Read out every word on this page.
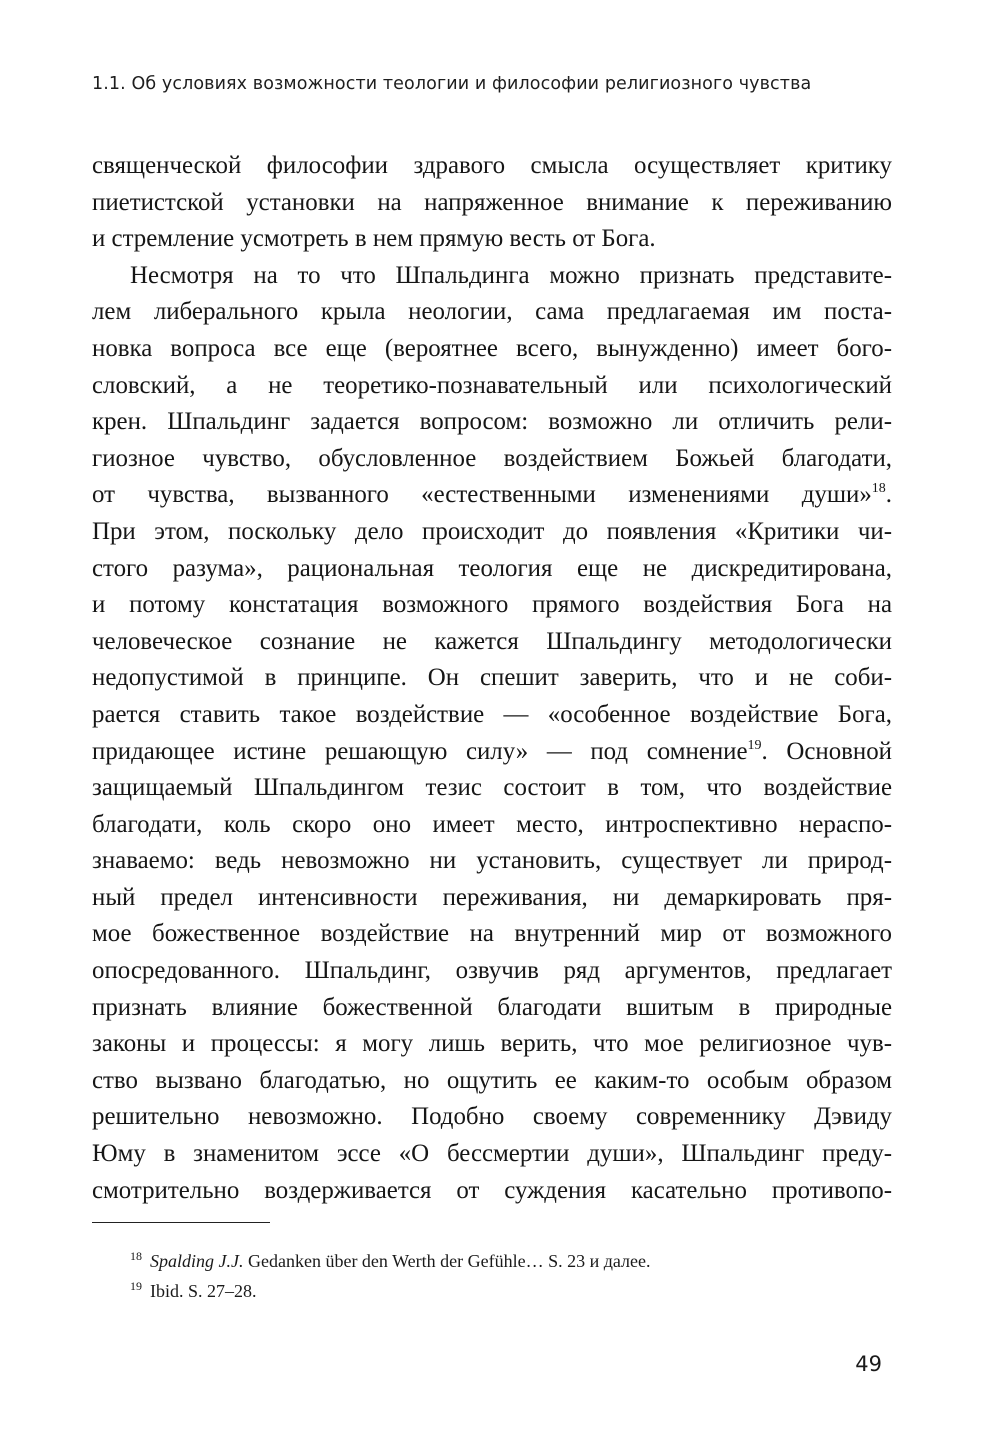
1.1. Об условиях возможности теологии и философии религиозного чувства
священческой философии здравого смысла осуществляет критику
пиетистской установки на напряженное внимание к переживанию
и стремление усмотреть в нем прямую весть от Бога.
Несмотря на то что Шпальдинга можно признать представите-
лем либерального крыла неологии, сама предлагаемая им поста-
новка вопроса все еще (вероятнее всего, вынужденно) имеет бого-
словский, а не теоретико-познавательный или психологический
крен. Шпальдинг задается вопросом: возможно ли отличить рели-
гиозное чувство, обусловленное воздействием Божьей благодати,
от чувства, вызванного «естественными изменениями души»$^{18}$.
При этом, поскольку дело происходит до появления «Критики чи-
стого разума», рациональная теология еще не дискредитирована,
и потому констатация возможного прямого воздействия Бога на
человеческое сознание не кажется Шпальдингу методологически
недопустимой в принципе. Он спешит заверить, что и не соби-
рается ставить такое воздействие — «особенное воздействие Бога,
придающее истине решающую силу» — под сомнение$^{19}$. Основной
защищаемый Шпальдингом тезис состоит в том, что воздействие
благодати, коль скоро оно имеет место, интроспективно нераспо-
знаваемо: ведь невозможно ни установить, существует ли природ-
ный предел интенсивности переживания, ни демаркировать пря-
мое божественное воздействие на внутренний мир от возможного
опосредованного. Шпальдинг, озвучив ряд аргументов, предлагает
признать влияние божественной благодати вшитым в природные
законы и процессы: я могу лишь верить, что мое религиозное чув-
ство вызвано благодатью, но ощутить ее каким-то особым образом
решительно невозможно. Подобно своему современнику Дэвиду
Юму в знаменитом эссе «О бессмертии души», Шпальдинг преду-
смотрительно воздерживается от суждения касательно противопо-
$^{18}$ Spalding J.J. Gedanken über den Werth der Gefühle… S. 23 и далее.
$^{19}$ Ibid. S. 27–28.
49
